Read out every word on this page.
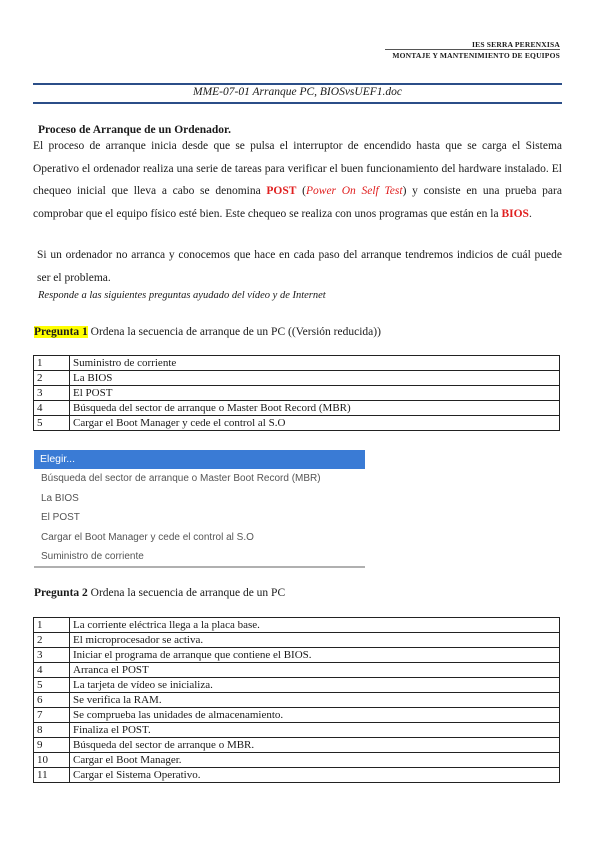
IES SERRA PERENXISA
MONTAJE Y MANTENIMIENTO DE EQUIPOS
MME-07-01 Arranque PC, BIOSvsUEF1.doc
Proceso de Arranque de un Ordenador.
El proceso de arranque inicia desde que se pulsa el interruptor de encendido hasta que se carga el Sistema Operativo el ordenador realiza una serie de tareas para verificar el buen funcionamiento del hardware instalado. El chequeo inicial que lleva a cabo se denomina POST (Power On Self Test) y consiste en una prueba para comprobar que el equipo físico esté bien. Este chequeo se realiza con unos programas que están en la BIOS.
Si un ordenador no arranca y conocemos que hace en cada paso del arranque tendremos indicios de cuál puede ser el problema.
Responde a las siguientes preguntas ayudado del vídeo y de Internet
Pregunta 1 Ordena la secuencia de arranque de un PC ((Versión reducida))
1	Suministro de corriente
2	La BIOS
3	El POST
4	Búsqueda del sector de arranque o Master Boot Record (MBR)
5	Cargar el Boot Manager y cede el control al S.O
Elegir...
Búsqueda del sector de arranque o Master Boot Record (MBR)
La BIOS
El POST
Cargar el Boot Manager y cede el control al S.O
Suministro de corriente
Pregunta 2 Ordena la secuencia de arranque de un PC
1	La corriente eléctrica llega a la placa base.
2	El microprocesador se activa.
3	Iniciar el programa de arranque que contiene el BIOS.
4	Arranca el POST
5	La tarjeta de vídeo se inicializa.
6	Se verifica la RAM.
7	Se comprueba las unidades de almacenamiento.
8	Finaliza el POST.
9	Búsqueda del sector de arranque o MBR.
10	Cargar el Boot Manager.
11	Cargar el Sistema Operativo.
